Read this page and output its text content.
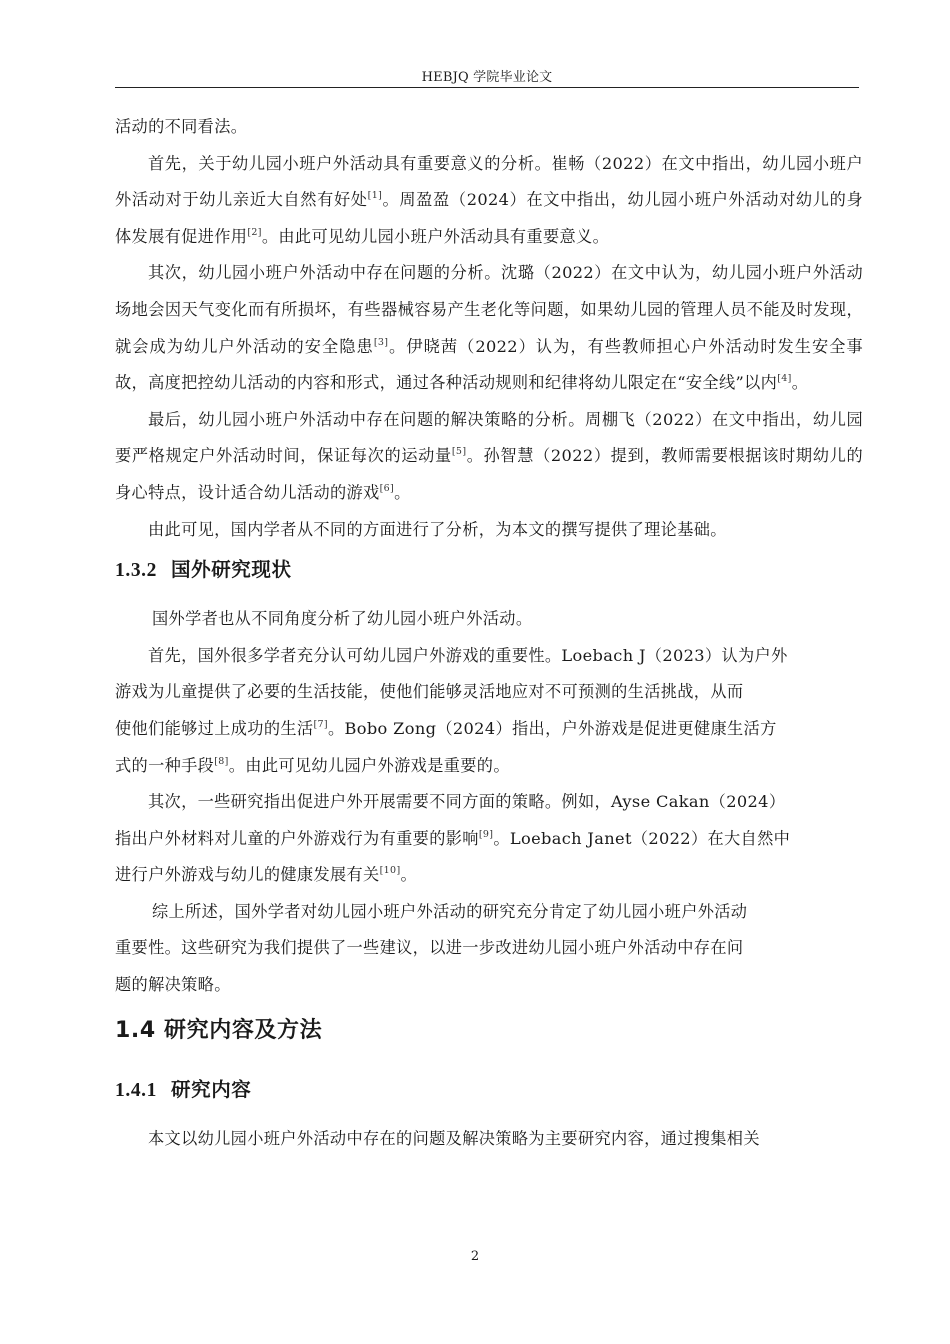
HEBJQ 学院毕业论文

活动的不同看法。

首先，关于幼儿园小班户外活动具有重要意义的分析。崔畅（2022）在文中指出，幼儿园小班户外活动对于幼儿亲近大自然有好处[1]。周盈盈（2024）在文中指出，幼儿园小班户外活动对幼儿的身体发展有促进作用[2]。由此可见幼儿园小班户外活动具有重要意义。

其次，幼儿园小班户外活动中存在问题的分析。沈璐（2022）在文中认为，幼儿园小班户外活动场地会因天气变化而有所损坏，有些器械容易产生老化等问题，如果幼儿园的管理人员不能及时发现，就会成为幼儿户外活动的安全隐患[3]。伊晓茜（2022）认为，有些教师担心户外活动时发生安全事故，高度把控幼儿活动的内容和形式，通过各种活动规则和纪律将幼儿限定在“安全线”以内[4]。

最后，幼儿园小班户外活动中存在问题的解决策略的分析。周棚飞（2022）在文中指出，幼儿园要严格规定户外活动时间，保证每次的运动量[5]。孙智慧（2022）提到，教师需要根据该时期幼儿的身心特点，设计适合幼儿活动的游戏[6]。

由此可见，国内学者从不同的方面进行了分析，为本文的撰写提供了理论基础。

1.3.2 国外研究现状

国外学者也从不同角度分析了幼儿园小班户外活动。

首先，国外很多学者充分认可幼儿园户外游戏的重要性。Loebach J（2023）认为户外

游戏为儿童提供了必要的生活技能，使他们能够灵活地应对不可预测的生活挑战，从而
使他们能够过上成功的生活[7]。Bobo Zong（2024）指出，户外游戏是促进更健康生活方
式的一种手段[8]。由此可见幼儿园户外游戏是重要的。

其次，一些研究指出促进户外开展需要不同方面的策略。例如，Ayse Cakan（2024）

指出户外材料对儿童的户外游戏行为有重要的影响[9]。Loebach Janet（2022）在大自然中
进行户外游戏与幼儿的健康发展有关[10]。

综上所述，国外学者对幼儿园小班户外活动的研究充分肯定了幼儿园小班户外活动

重要性。这些研究为我们提供了一些建议，以进一步改进幼儿园小班户外活动中存在问
题的解决策略。

1.4 研究内容及方法
1.4.1 研究内容

本文以幼儿园小班户外活动中存在的问题及解决策略为主要研究内容，通过搜集相关

2
